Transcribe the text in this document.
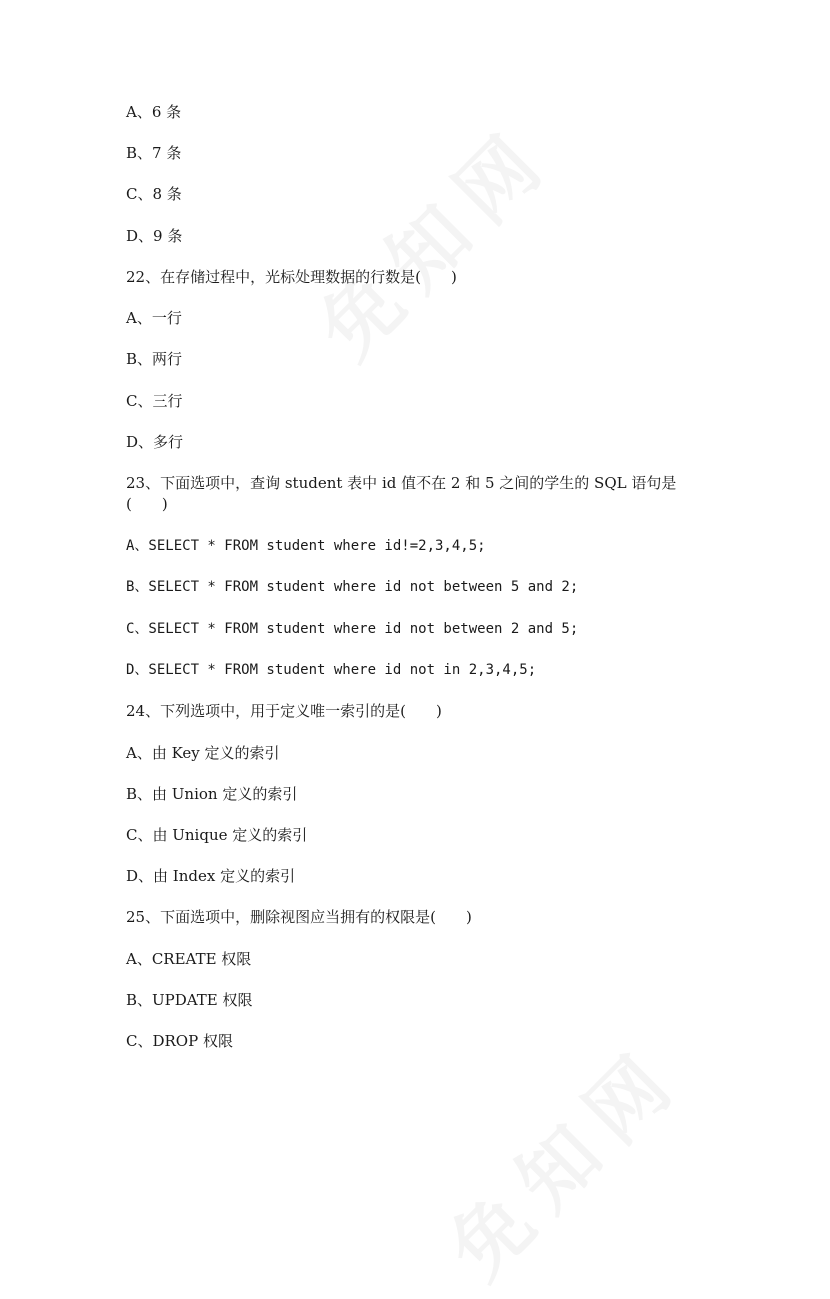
A、6 条
B、7 条
C、8 条
D、9 条
22、在存储过程中，光标处理数据的行数是(　　)
A、一行
B、两行
C、三行
D、多行
23、下面选项中，查询 student 表中 id 值不在 2 和 5 之间的学生的 SQL 语句是
(　　)
A、SELECT * FROM student where id!=2,3,4,5;
B、SELECT * FROM student where id not between 5 and 2;
C、SELECT * FROM student where id not between 2 and 5;
D、SELECT * FROM student where id not in 2,3,4,5;
24、下列选项中，用于定义唯一索引的是(　　)
A、由 Key 定义的索引
B、由 Union 定义的索引
C、由 Unique 定义的索引
D、由 Index 定义的索引
25、下面选项中，删除视图应当拥有的权限是(　　)
A、CREATE 权限
B、UPDATE 权限
C、DROP 权限
